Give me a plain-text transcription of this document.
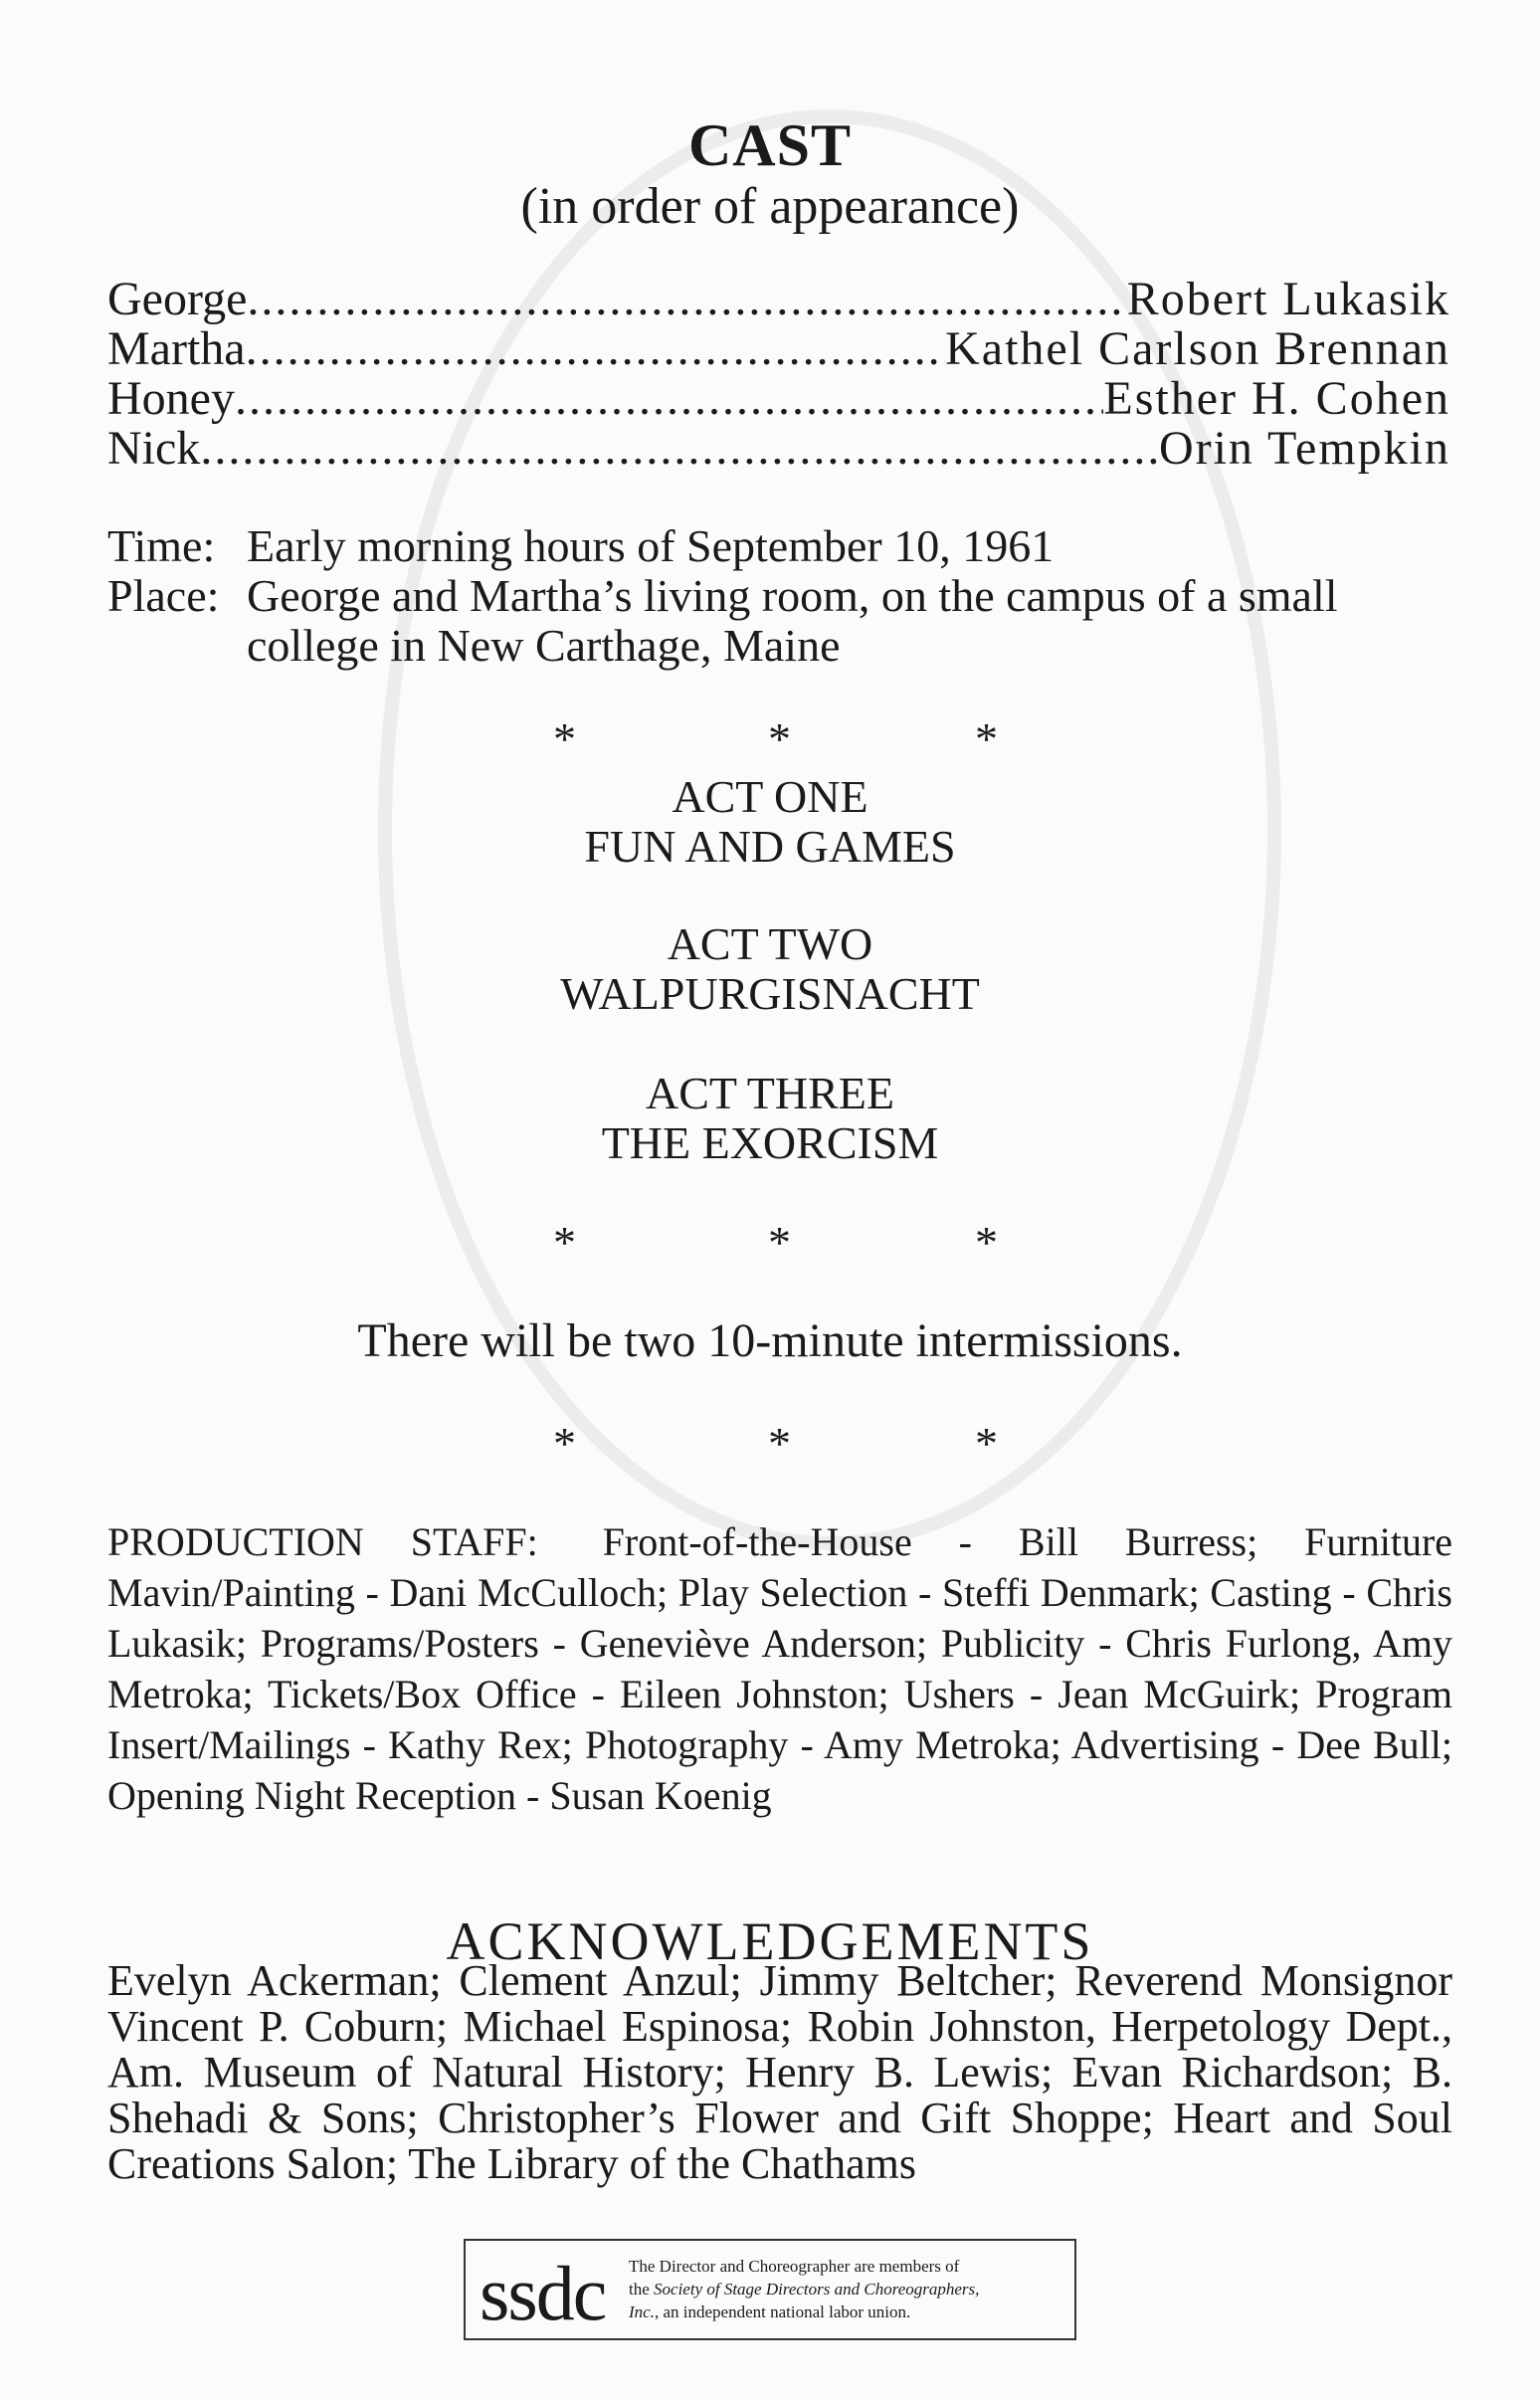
CAST
(in order of appearance)
George .....	Robert Lukasik
Martha .....	Kathel Carlson Brennan
Honey .....	Esther H. Cohen
Nick .....	Orin Tempkin
Time: Early morning hours of September 10, 1961
Place: George and Martha’s living room, on the campus of a small college in New Carthage, Maine
*	*	*
ACT ONE
FUN AND GAMES
ACT TWO
WALPURGISNACHT
ACT THREE
THE EXORCISM
*	*	*
There will be two 10-minute intermissions.
*	*	*
PRODUCTION STAFF: Front-of-the-House - Bill Burress; Furniture Mavin/Painting - Dani McCulloch; Play Selection - Steffi Denmark; Casting - Chris Lukasik; Programs/Posters - Geneviève Anderson; Publicity - Chris Furlong, Amy Metroka; Tickets/Box Office - Eileen Johnston; Ushers - Jean McGuirk; Program Insert/Mailings - Kathy Rex; Photography - Amy Metroka; Advertising - Dee Bull; Opening Night Reception - Susan Koenig
ACKNOWLEDGEMENTS
Evelyn Ackerman; Clement Anzul; Jimmy Beltcher; Reverend Monsignor Vincent P. Coburn; Michael Espinosa; Robin Johnston, Herpetology Dept., Am. Museum of Natural History; Henry B. Lewis; Evan Richardson; B. Shehadi & Sons; Christopher’s Flower and Gift Shoppe; Heart and Soul Creations Salon; The Library of the Chathams
ssdc The Director and Choreographer are members of
the Society of Stage Directors and Choreographers,
Inc., an independent national labor union.
